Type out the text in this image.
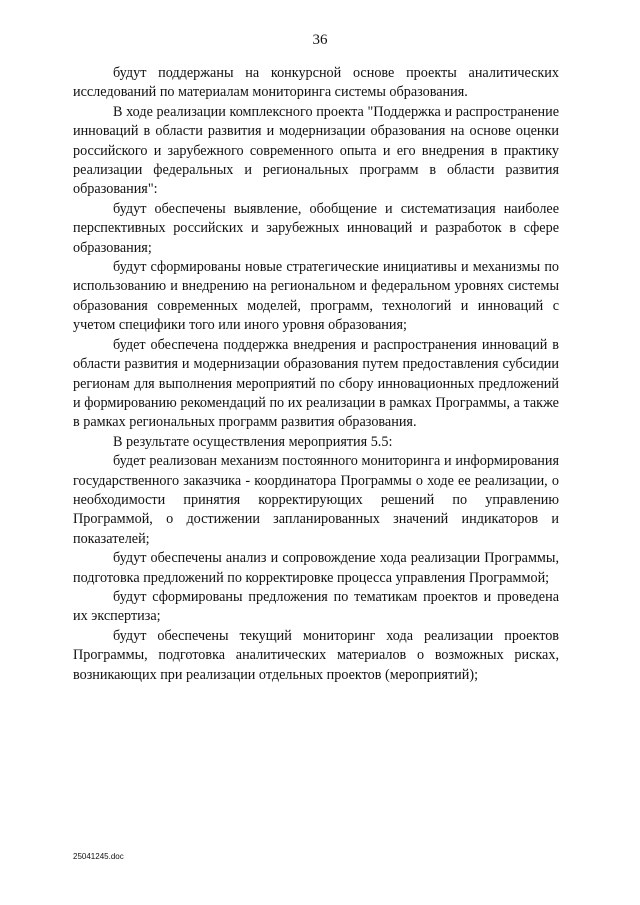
36

будут поддержаны на конкурсной основе проекты аналитических исследований по материалам мониторинга системы образования.

В ходе реализации комплексного проекта "Поддержка и распространение инноваций в области развития и модернизации образования на основе оценки российского и зарубежного современного опыта и его внедрения в практику реализации федеральных и региональных программ в области развития образования":

будут обеспечены выявление, обобщение и систематизация наиболее перспективных российских и зарубежных инноваций и разработок в сфере образования;

будут сформированы новые стратегические инициативы и механизмы по использованию и внедрению на региональном и федеральном уровнях системы образования современных моделей, программ, технологий и инноваций с учетом специфики того или иного уровня образования;

будет обеспечена поддержка внедрения и распространения инноваций в области развития и модернизации образования путем предоставления субсидии регионам для выполнения мероприятий по сбору инновационных предложений и формированию рекомендаций по их реализации в рамках Программы, а также в рамках региональных программ развития образования.

В результате осуществления мероприятия 5.5:

будет реализован механизм постоянного мониторинга и информирования государственного заказчика - координатора Программы о ходе ее реализации, о необходимости принятия корректирующих решений по управлению Программой, о достижении запланированных значений индикаторов и показателей;

будут обеспечены анализ и сопровождение хода реализации Программы, подготовка предложений по корректировке процесса управления Программой;

будут сформированы предложения по тематикам проектов и проведена их экспертиза;

будут обеспечены текущий мониторинг хода реализации проектов Программы, подготовка аналитических материалов о возможных рисках, возникающих при реализации отдельных проектов (мероприятий);

25041245.doc
